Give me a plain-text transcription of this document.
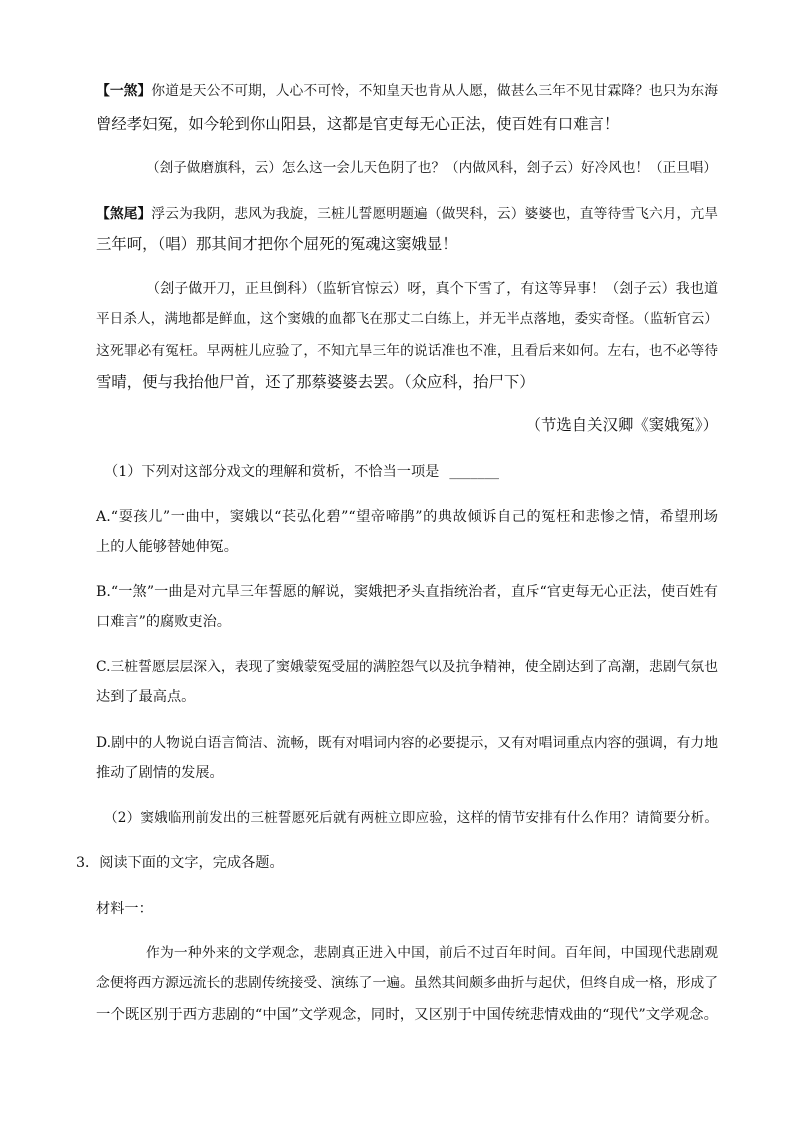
【一煞】你道是天公不可期，人心不可怜，不知皇天也肯从人愿，做甚么三年不见甘霖降？也只为东海
曾经孝妇冤，如今轮到你山阳县，这都是官吏每无心正法，使百姓有口难言！
（刽子做磨旗科，云）怎么这一会儿天色阴了也？（内做风科，刽子云）好冷风也！（正旦唱）
【煞尾】浮云为我阴，悲风为我旋，三桩儿誓愿明题遍（做哭科，云）婆婆也，直等待雪飞六月，亢旱
三年呵，（唱）那其间才把你个屈死的冤魂这窦娥显！
（刽子做开刀，正旦倒科）（监斩官惊云）呀，真个下雪了，有这等异事！（刽子云）我也道
平日杀人，满地都是鲜血，这个窦娥的血都飞在那丈二白练上，并无半点落地，委实奇怪。（监斩官云）
这死罪必有冤枉。早两桩儿应验了，不知亢旱三年的说话准也不准，且看后来如何。左右，也不必等待
雪晴，便与我抬他尸首，还了那蔡婆婆去罢。（众应科，抬尸下）
（节选自关汉卿《窦娥冤》）
（1）下列对这部分戏文的理解和赏析，不恰当一项是 _______
A.“耍孩儿”一曲中，窦娥以“苌弘化碧”“望帝啼鹃”的典故倾诉自己的冤枉和悲惨之情，希望刑场
上的人能够替她伸冤。
B.“一煞”一曲是对亢旱三年誓愿的解说，窦娥把矛头直指统治者，直斥“官吏每无心正法，使百姓有
口难言”的腐败吏治。
C.三桩誓愿层层深入，表现了窦娥蒙冤受屈的满腔怨气以及抗争精神，使全剧达到了高潮，悲剧气氛也
达到了最高点。
D.剧中的人物说白语言简洁、流畅，既有对唱词内容的必要提示，又有对唱词重点内容的强调，有力地
推动了剧情的发展。
（2）窦娥临刑前发出的三桩誓愿死后就有两桩立即应验，这样的情节安排有什么作用？请简要分析。
3．阅读下面的文字，完成各题。
材料一：
作为一种外来的文学观念，悲剧真正进入中国，前后不过百年时间。百年间，中国现代悲剧观
念便将西方源远流长的悲剧传统接受、演练了一遍。虽然其间颇多曲折与起伏，但终自成一格，形成了
一个既区别于西方悲剧的“中国”文学观念，同时，又区别于中国传统悲情戏曲的“现代”文学观念。
